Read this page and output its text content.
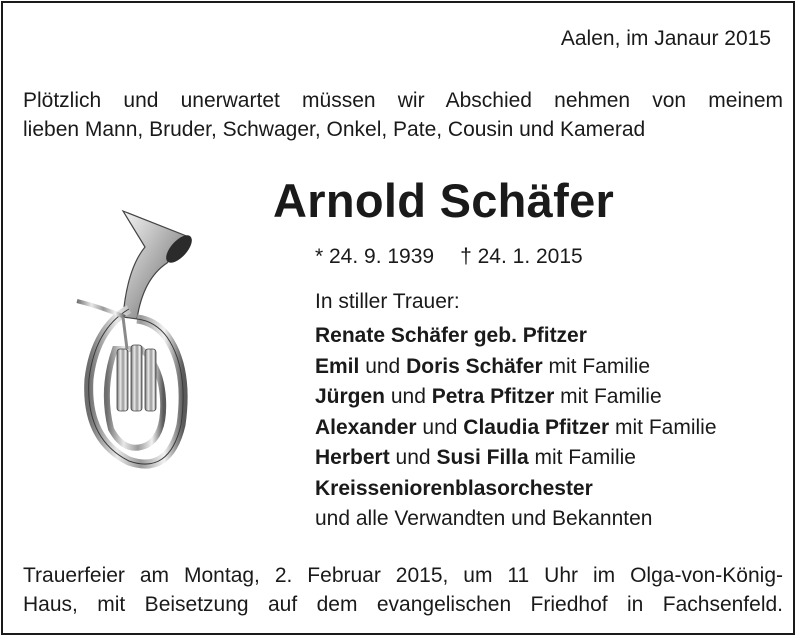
Aalen, im Janaur 2015
Plötzlich und unerwartet müssen wir Abschied nehmen von meinem
lieben Mann, Bruder, Schwager, Onkel, Pate, Cousin und Kamerad
Arnold Schäfer
* 24. 9. 1939 † 24. 1. 2015
In stiller Trauer:
Renate Schäfer geb. Pfitzer
Emil und Doris Schäfer mit Familie
Jürgen und Petra Pfitzer mit Familie
Alexander und Claudia Pfitzer mit Familie
Herbert und Susi Filla mit Familie
Kreisseniorenblasorchester
und alle Verwandten und Bekannten
Trauerfeier am Montag, 2. Februar 2015, um 11 Uhr im Olga-von-König-
Haus, mit Beisetzung auf dem evangelischen Friedhof in Fachsenfeld.
